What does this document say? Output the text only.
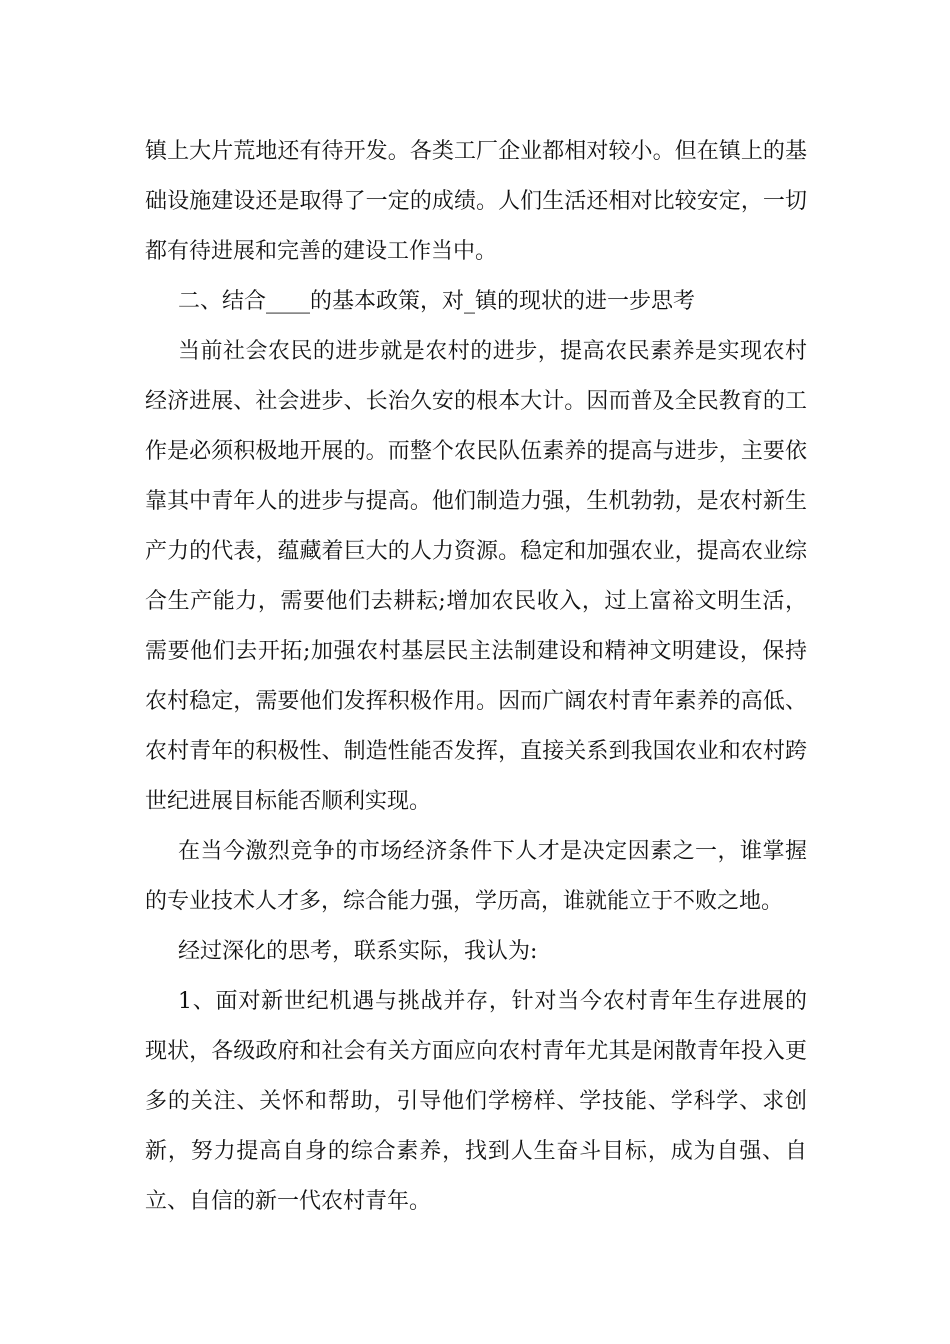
镇上大片荒地还有待开发。各类工厂企业都相对较小。但在镇上的基础设施建设还是取得了一定的成绩。人们生活还相对比较安定，一切都有待进展和完善的建设工作当中。

二、结合____的基本政策，对_镇的现状的进一步思考

当前社会农民的进步就是农村的进步，提高农民素养是实现农村经济进展、社会进步、长治久安的根本大计。因而普及全民教育的工作是必须积极地开展的。而整个农民队伍素养的提高与进步，主要依靠其中青年人的进步与提高。他们制造力强，生机勃勃，是农村新生产力的代表，蕴藏着巨大的人力资源。稳定和加强农业，提高农业综合生产能力，需要他们去耕耘;增加农民收入，过上富裕文明生活，需要他们去开拓;加强农村基层民主法制建设和精神文明建设，保持农村稳定，需要他们发挥积极作用。因而广阔农村青年素养的高低、农村青年的积极性、制造性能否发挥，直接关系到我国农业和农村跨世纪进展目标能否顺利实现。

在当今激烈竞争的市场经济条件下人才是决定因素之一，谁掌握的专业技术人才多，综合能力强，学历高，谁就能立于不败之地。

经过深化的思考，联系实际，我认为:

1、面对新世纪机遇与挑战并存，针对当今农村青年生存进展的现状，各级政府和社会有关方面应向农村青年尤其是闲散青年投入更多的关注、关怀和帮助，引导他们学榜样、学技能、学科学、求创新，努力提高自身的综合素养，找到人生奋斗目标，成为自强、自立、自信的新一代农村青年。
